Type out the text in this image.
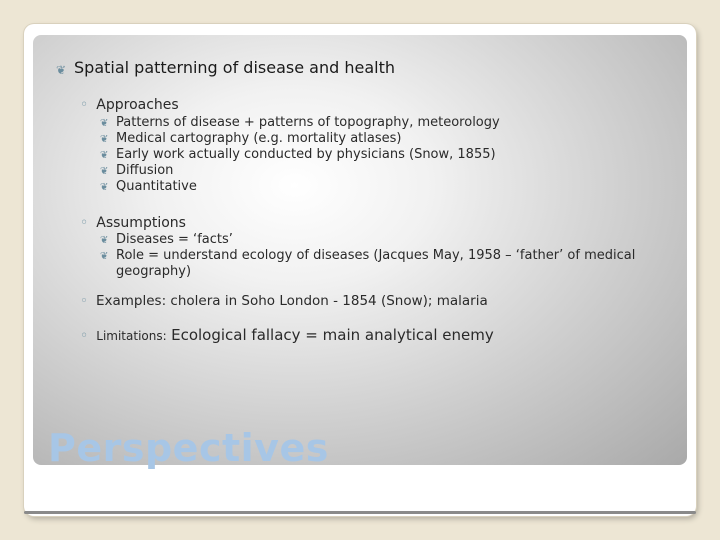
❦ Spatial patterning of disease and health
◦ Approaches
❦ Patterns of disease + patterns of topography, meteorology
❦ Medical cartography (e.g. mortality atlases)
❦ Early work actually conducted by physicians (Snow, 1855)
❦ Diffusion
❦ Quantitative
◦ Assumptions
❦ Diseases = ‘facts’
❦ Role = understand ecology of diseases (Jacques May, 1958 – ‘father’ of medical geography)
◦ Examples: cholera in Soho London - 1854 (Snow); malaria
◦ Limitations: Ecological fallacy = main analytical enemy
Perspectives
